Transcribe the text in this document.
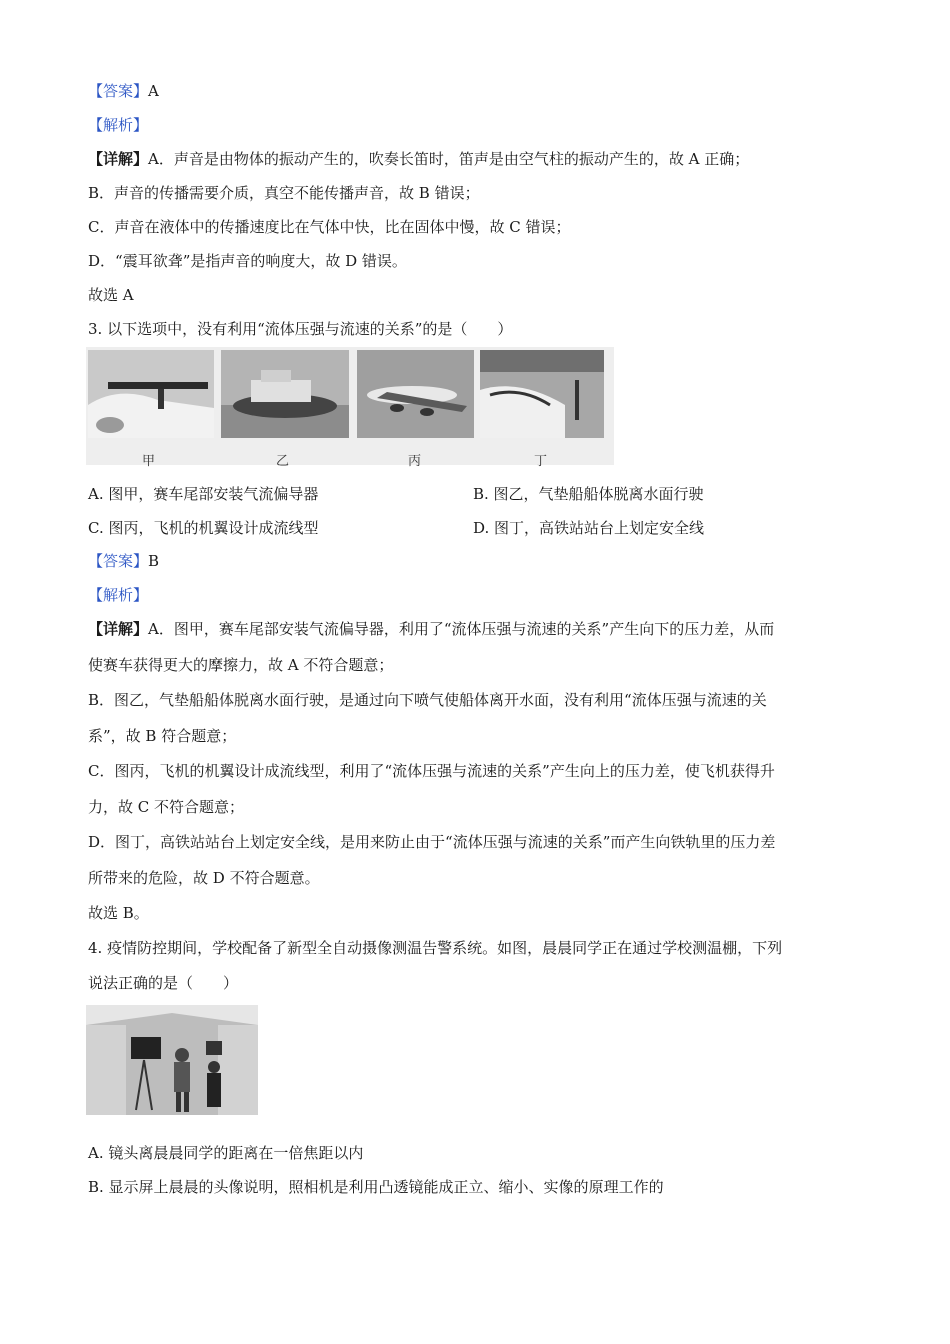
【答案】A
【解析】
【详解】A．声音是由物体的振动产生的，吹奏长笛时，笛声是由空气柱的振动产生的，故 A 正确；
B．声音的传播需要介质，真空不能传播声音，故 B 错误；
C．声音在液体中的传播速度比在气体中快，比在固体中慢，故 C 错误；
D．“震耳欲聋”是指声音的响度大，故 D 错误。
故选 A
3. 以下选项中，没有利用“流体压强与流速的关系”的是（　　）
甲	乙	丙	丁
A. 图甲，赛车尾部安装气流偏导器	B. 图乙，气垫船船体脱离水面行驶
C. 图丙，飞机的机翼设计成流线型	D. 图丁，高铁站站台上划定安全线
【答案】B
【解析】
【详解】A．图甲，赛车尾部安装气流偏导器，利用了“流体压强与流速的关系”产生向下的压力差，从而
使赛车获得更大的摩擦力，故 A 不符合题意；
B．图乙，气垫船船体脱离水面行驶，是通过向下喷气使船体离开水面，没有利用“流体压强与流速的关
系”，故 B 符合题意；
C．图丙，飞机的机翼设计成流线型，利用了“流体压强与流速的关系”产生向上的压力差，使飞机获得升
力，故 C 不符合题意；
D．图丁，高铁站站台上划定安全线，是用来防止由于“流体压强与流速的关系”而产生向铁轨里的压力差
所带来的危险，故 D 不符合题意。
故选 B。
4. 疫情防控期间，学校配备了新型全自动摄像测温告警系统。如图，晨晨同学正在通过学校测温棚，下列
说法正确的是（　　）
A. 镜头离晨晨同学的距离在一倍焦距以内
B. 显示屏上晨晨的头像说明，照相机是利用凸透镜能成正立、缩小、实像的原理工作的
